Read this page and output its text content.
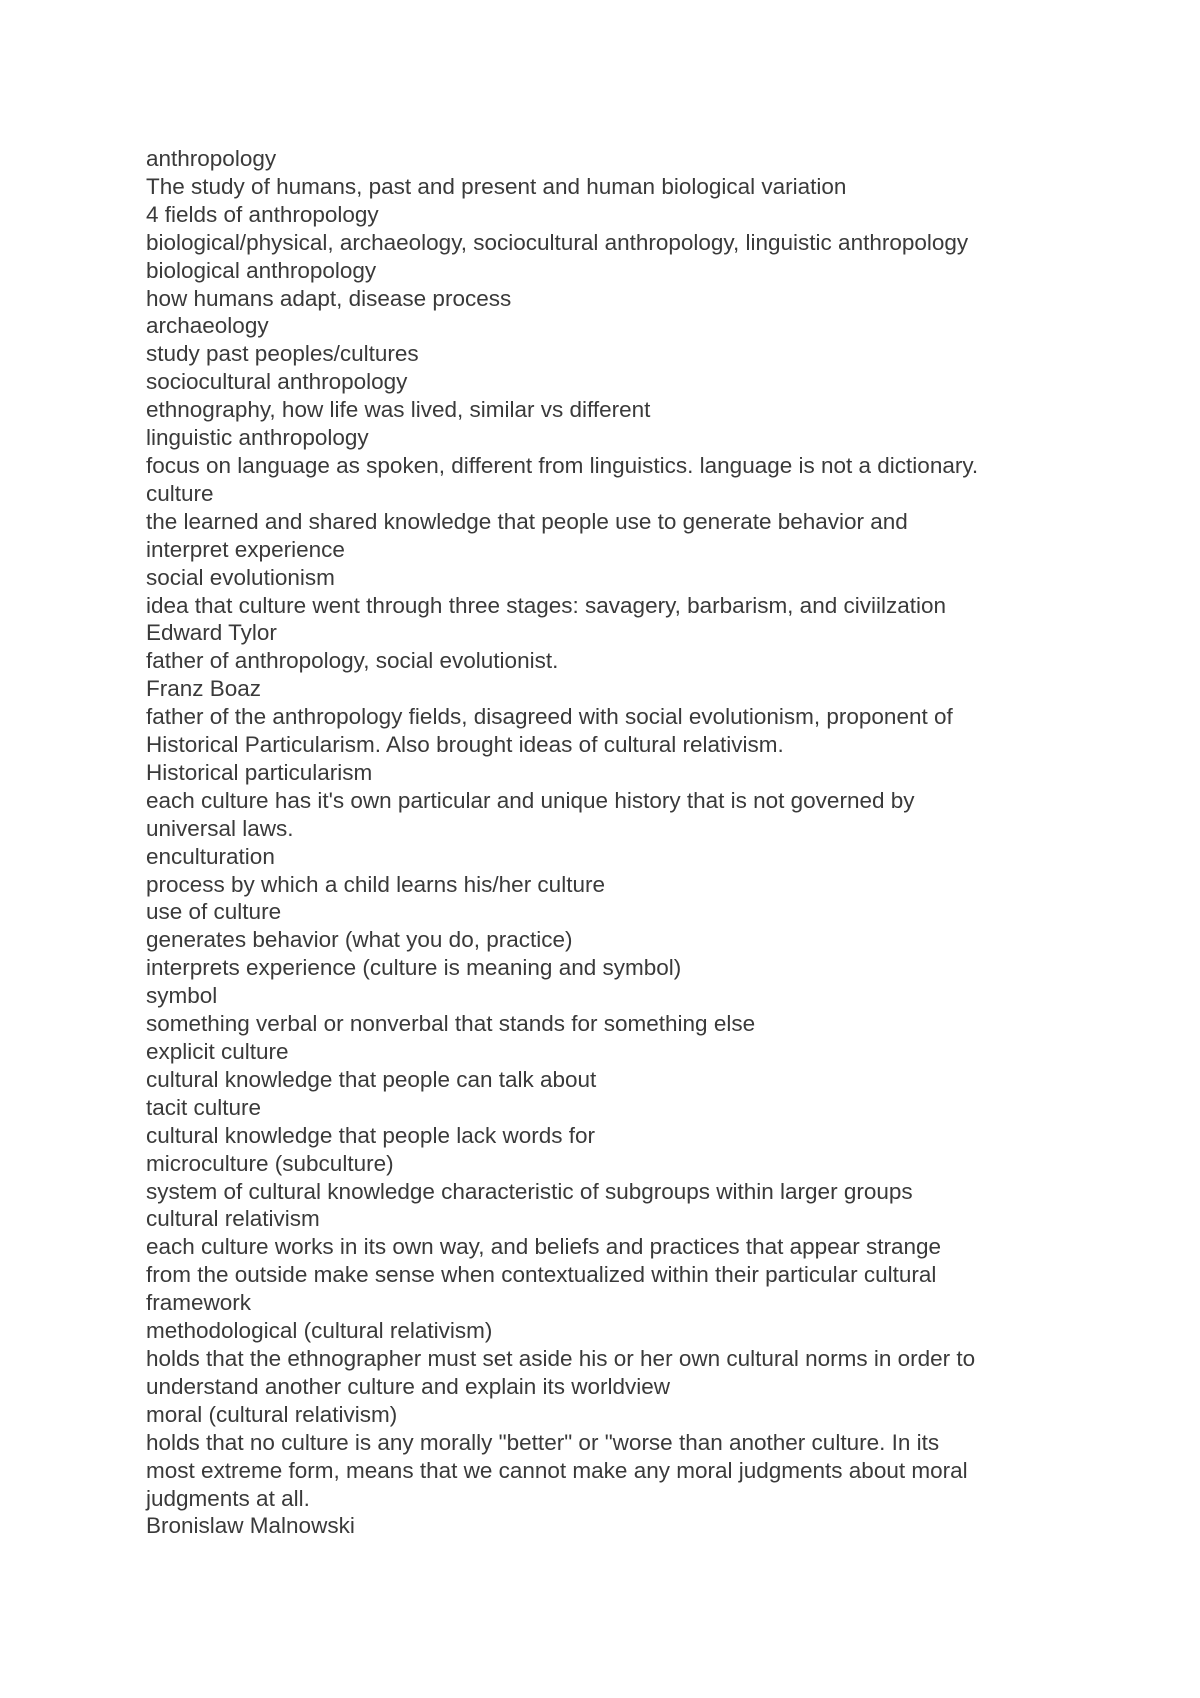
anthropology
The study of humans, past and present and human biological variation
4 fields of anthropology
biological/physical, archaeology, sociocultural anthropology, linguistic anthropology
biological anthropology
how humans adapt, disease process
archaeology
study past peoples/cultures
sociocultural anthropology
ethnography, how life was lived, similar vs different
linguistic anthropology
focus on language as spoken, different from linguistics. language is not a dictionary.
culture
the learned and shared knowledge that people use to generate behavior and
interpret experience
social evolutionism
idea that culture went through three stages: savagery, barbarism, and civiilzation
Edward Tylor
father of anthropology, social evolutionist.
Franz Boaz
father of the anthropology fields, disagreed with social evolutionism, proponent of
Historical Particularism. Also brought ideas of cultural relativism.
Historical particularism
each culture has it's own particular and unique history that is not governed by
universal laws.
enculturation
process by which a child learns his/her culture
use of culture
generates behavior (what you do, practice)
interprets experience (culture is meaning and symbol)
symbol
something verbal or nonverbal that stands for something else
explicit culture
cultural knowledge that people can talk about
tacit culture
cultural knowledge that people lack words for
microculture (subculture)
system of cultural knowledge characteristic of subgroups within larger groups
cultural relativism
each culture works in its own way, and beliefs and practices that appear strange
from the outside make sense when contextualized within their particular cultural
framework
methodological (cultural relativism)
holds that the ethnographer must set aside his or her own cultural norms in order to
understand another culture and explain its worldview
moral (cultural relativism)
holds that no culture is any morally "better" or "worse than another culture. In its
most extreme form, means that we cannot make any moral judgments about moral
judgments at all.
Bronislaw Malnowski
